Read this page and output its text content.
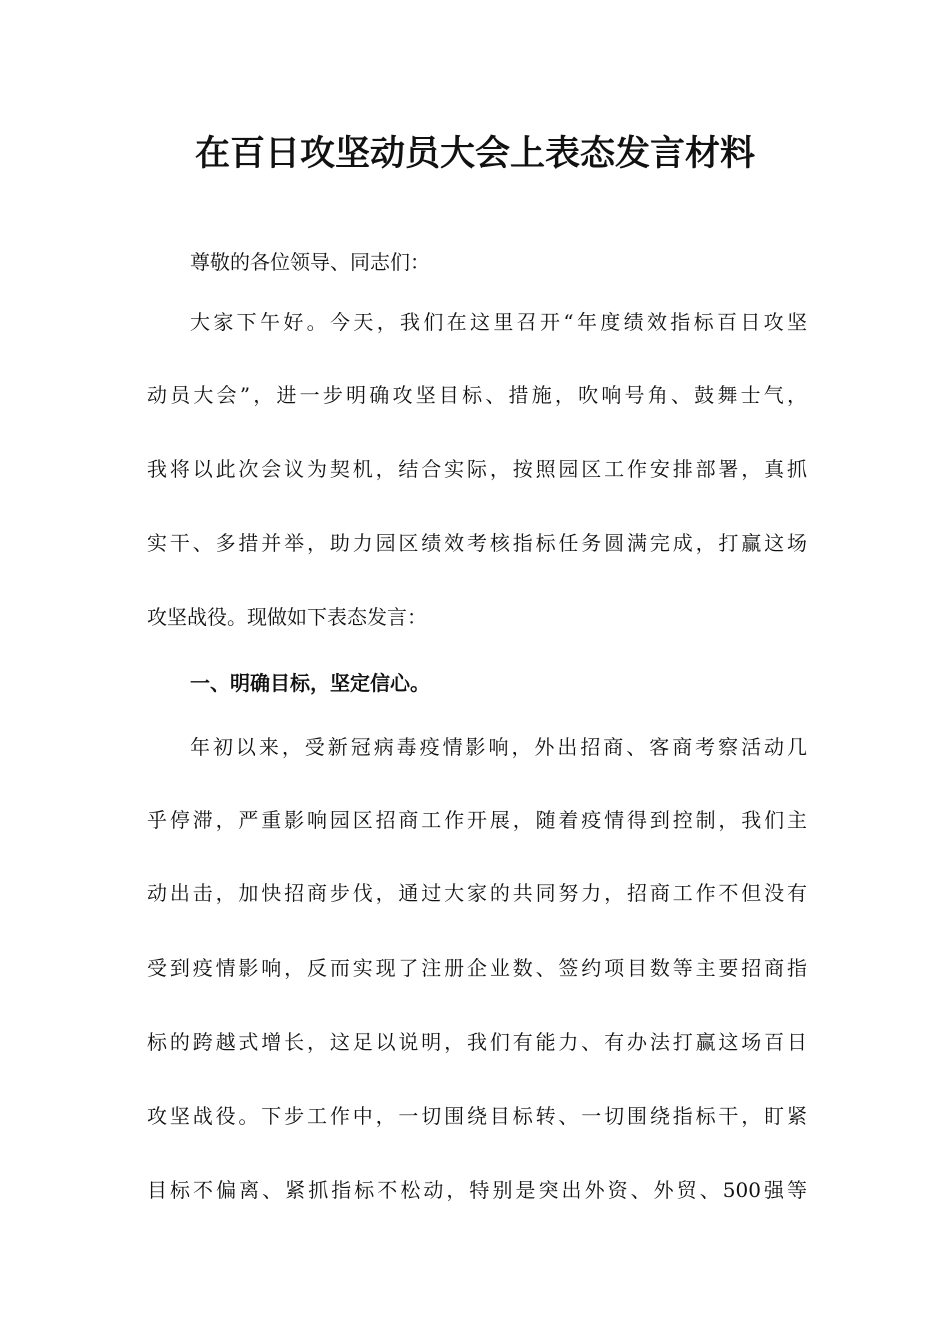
在百日攻坚动员大会上表态发言材料
尊敬的各位领导、同志们：
大家下午好。今天，我们在这里召开“年度绩效指标百日攻坚
动员大会”，进一步明确攻坚目标、措施，吹响号角、鼓舞士气，
我将以此次会议为契机，结合实际，按照园区工作安排部署，真抓
实干、多措并举，助力园区绩效考核指标任务圆满完成，打赢这场
攻坚战役。现做如下表态发言：
一、明确目标，坚定信心。
年初以来，受新冠病毒疫情影响，外出招商、客商考察活动几
乎停滞，严重影响园区招商工作开展，随着疫情得到控制，我们主
动出击，加快招商步伐，通过大家的共同努力，招商工作不但没有
受到疫情影响，反而实现了注册企业数、签约项目数等主要招商指
标的跨越式增长，这足以说明，我们有能力、有办法打赢这场百日
攻坚战役。下步工作中，一切围绕目标转、一切围绕指标干，盯紧
目标不偏离、紧抓指标不松动，特别是突出外资、外贸、500强等
